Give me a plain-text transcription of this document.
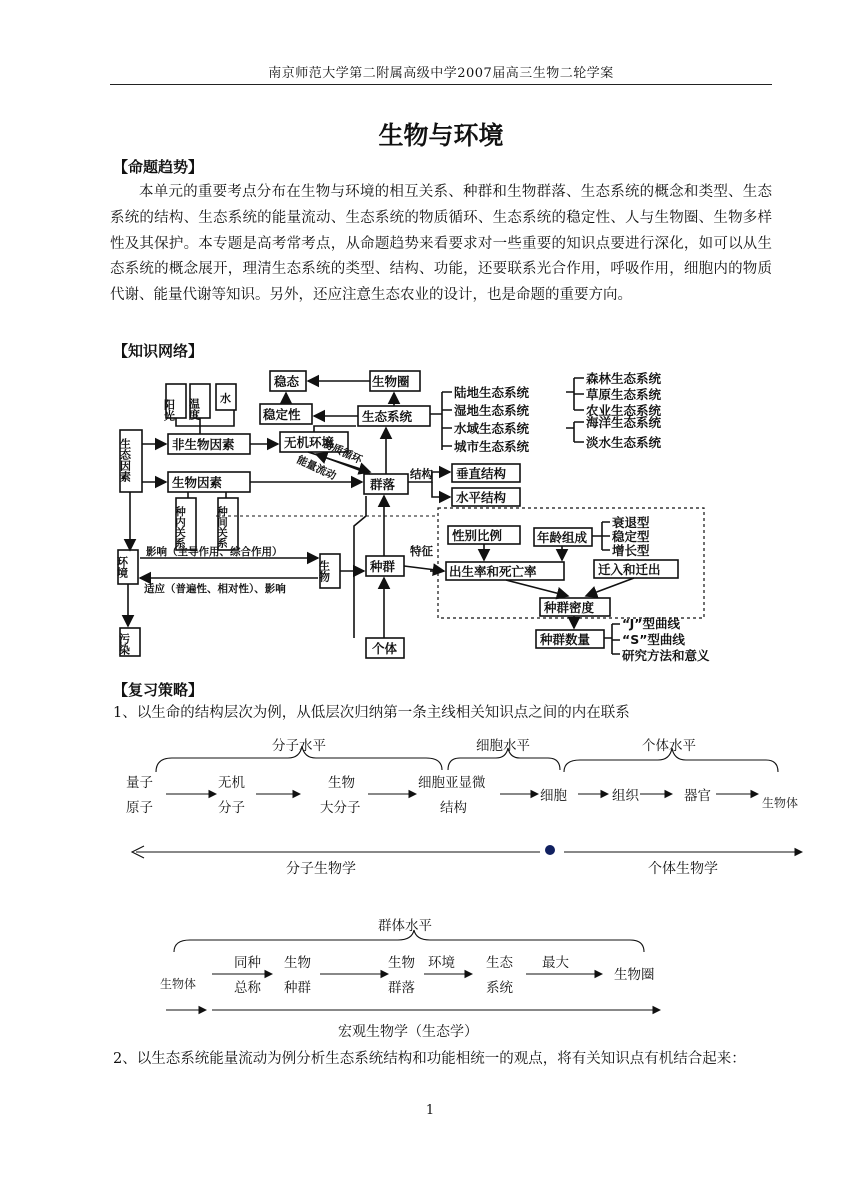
南京师范大学第二附属高级中学2007届高三生物二轮学案
生物与环境
【命题趋势】
本单元的重要考点分布在生物与环境的相互关系、种群和生物群落、生态系统的概念和类型、生态系统的结构、生态系统的能量流动、生态系统的物质循环、生态系统的稳定性、人与生物圈、生物多样性及其保护。本专题是高考常考点，从命题趋势来看要求对一些重要的知识点要进行深化，如可以从生态系统的概念展开，理清生态系统的类型、结构、功能，还要联系光合作用，呼吸作用，细胞内的物质代谢、能量代谢等知识。另外，还应注意生态农业的设计，也是命题的重要方向。
【知识网络】
稳态	生物圈
稳定性	生态系统
阳光 温度 水
生态因素	非生物因素	无机环境
生物因素	群落
种内关系	种间关系
环境
污染
生物	种群
个体
影响（主导作用、综合作用）
适应（普遍性、相对性）、影响
结构
特征
物质循环
能量流动
陆地生态系统
湿地生态系统
水域生态系统
城市生态系统
森林生态系统
草原生态系统
农业生态系统
海洋生态系统
淡水生态系统
垂直结构
水平结构
性别比例	年龄组成
衰退型
稳定型
增长型
出生率和死亡率	迁入和迁出
种群密度
种群数量
“J”型曲线
“S”型曲线
研究方法和意义
【复习策略】
1、以生命的结构层次为例，从低层次归纳第一条主线相关知识点之间的内在联系
分子水平	细胞水平	个体水平
量子
原子
无机
分子
生物
大分子
细胞亚显微
结构
细胞	组织	器官	生物体
分子生物学	个体生物学
群体水平
生物体
同种
总称
生物
种群
生物
群落
环境 生态
系统
最大
生物圈
宏观生物学（生态学）
2、以生态系统能量流动为例分析生态系统结构和功能相统一的观点，将有关知识点有机结合起来：
1
